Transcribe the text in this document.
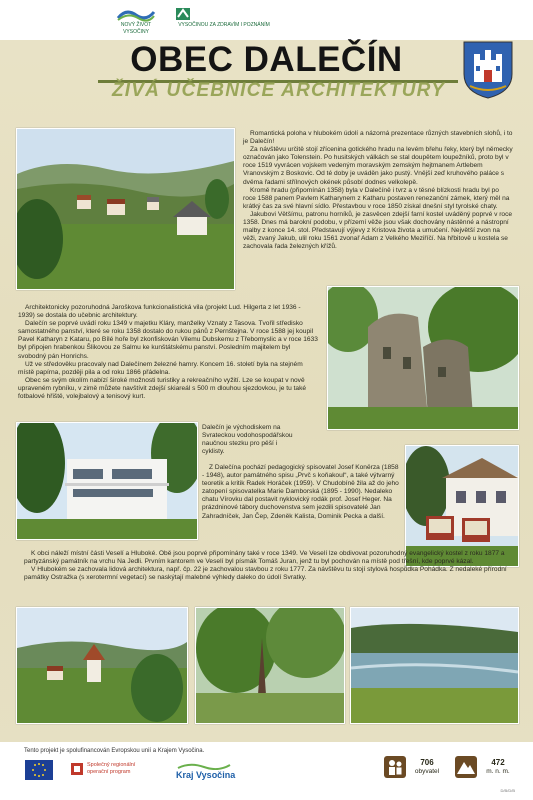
NOVÝ ŽIVOT VYSOČINY
VYSOČINOU ZA ZDRAVÍM I POZNÁNÍM
OBEC DALEČÍN
ŽIVÁ UČEBNICE ARCHITEKTURY

Romantická poloha v hlubokém údolí a názorná prezentace různých stavebních slohů, i to je Dalečín!

Za návštěvu určitě stojí zřícenina gotického hradu na levém břehu řeky, který byl německy označován jako Tolenstein. Po husitských válkách se stal doupětem loupežníků, proto byl v roce 1519 vyvrácen vojskem vedeným moravským zemským hejtmanem Artlebem Vranovským z Boskovic. Od té doby je uváděn jako pustý. Vnější zeď kruhového paláce s dvěma řadami střílnových okének působí dodnes velkolepě.

Kromě hradu (připomínán 1358) byla v Dalečíně i tvrz a v těsné blízkosti hradu byl po roce 1588 panem Pavlem Katharynem z Katharu postaven renezanční zámek, který měl na krátký čas za své hlavní sídlo. Přestavbou v roce 1850 získal dnešní styl tyrolské chaty.

Jakubovi Většímu, patronu horníků, je zasvěcen zdejší farní kostel uváděný poprvé v roce 1358. Dnes má barokní podobu, v přízemí věže jsou však dochovány nástěnné a nástropní malby z konce 14. stol. Představují výjevy z Kristova života a umučení. Největší zvon na věži, zvaný Jakub, ulil roku 1561 zvonař Adam z Velkého Meziříčí. Na hřbitově u kostela se zachovala řada železných křížů.

Architektonicky pozoruhodná Jaroškova funkcionalistická vila (projekt Lud. Hilgerta z let 1936 - 1939) se dostala do učebnic architektury.

Dalečín se poprvé uvádí roku 1349 v majetku Kláry, manželky Vznaty z Tasova. Tvořil středisko samostatného panství, které se roku 1358 dostalo do rukou pánů z Pernštejna. V roce 1588 jej koupil Pavel Katharyn z Kataru, po Bílé hoře byl zkonfiskován Vilemu Dubskemu z Třebomyslic a v roce 1633 byl připojen hrabenkou Šlikovou ze Salmu ke kunštátskému panství. Posledním majitelem byl svobodný pán Honrichs.

Už ve středověku pracovaly nad Dalečínem železné hamry. Koncem 16. století byla na stejném místě papírna, později pila a od roku 1866 přádelna.

Obec se svým okolím nabízí široké možnosti turistiky a rekreačního vyžití. Lze se koupat v nově upraveném rybníku, v zimě můžete navštívit zdejší skiareál s 500 m dlouhou sjezdovkou, je tu také fotbalové hřiště, volejbalový a tenisový kurt.

Dalečín je východiskem na Svrateckou vodohospodářskou naučnou stezku pro pěší i cyklisty.

Z Dalečína pochází pedagogický spisovatel Josef Konërza (1858 - 1948), autor památného spisu „Prvč s koňakoul“, a také výtvarný teoretik a kritik Radek Horáček (1959). V Chudobíně žila až do jeho zatopení spisovatelka Marie Damborská (1895 - 1990). Nedaleko chatu Vírovku dal postavit nyklovický rodák prof. Josef Heger. Na prázdninové tábory duchovenstva sem jezdili spisovatelé Jan Zahradníček, Jan Čep, Zdeněk Kalista, Dominik Pecka a další.

K obci náleží místní části Veselí a Hluboké. Obě jsou poprvé připomínány také v roce 1349. Ve Veselí lze obdivovat pozoruhodný evangelický kostel z roku 1877 a partyzánský památník na vrchu Na Jedli. Prvním kantorem ve Veselí byl písmák Tomáš Juran, jenž tu byl pochován na místě pod třešní, kde poprvé kázal.

V Hlubokém se zachovala lidová architektura, např. čp. 22 je zachovalou stavbou z roku 1777. Za návštěvu tu stojí stylová hospůdka Pohádka. Z nedaleké přírodní památky Ostražka (s xerotermní vegetací) se naskýtají malebné výhledy daleko do údolí Svratky.

Tento projekt je spolufinancován Evropskou unií a Krajem Vysočina.
Společný regionální operační program	Kraj Vysočina
706
obyvatel
472
m. n. m.
D/B/D/B
